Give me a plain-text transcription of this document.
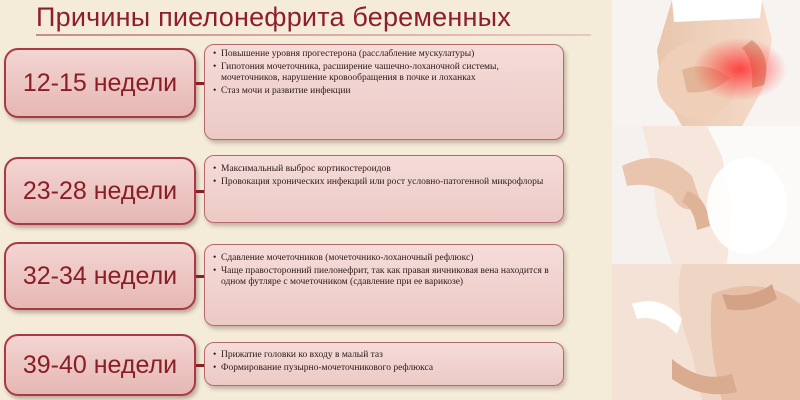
Причины пиелонефрита беременных
12-15 недели
• Повышение уровня прогестерона (расслабление мускулатуры)
• Гипотония мочеточника, расширение чашечно-лоханочной системы, мочеточников, нарушение кровообращения в почке и лоханках
• Стаз мочи и развитие инфекции
23-28 недели
• Максимальный выброс кортикостероидов
• Провокация хронических инфекций или рост условно-патогенной микрофлоры
32-34 недели
• Сдавление мочеточников (мочеточнико-лоханочный рефлюкс)
• Чаще правосторонний пиелонефрит, так как правая яичниковая вена находится в одном футляре с мочеточником (сдавление при ее варикозе)
39-40 недели
•	Прижатие головки ко входу в малый таз
• Формирование пузырно-мочеточникового рефлюкса
